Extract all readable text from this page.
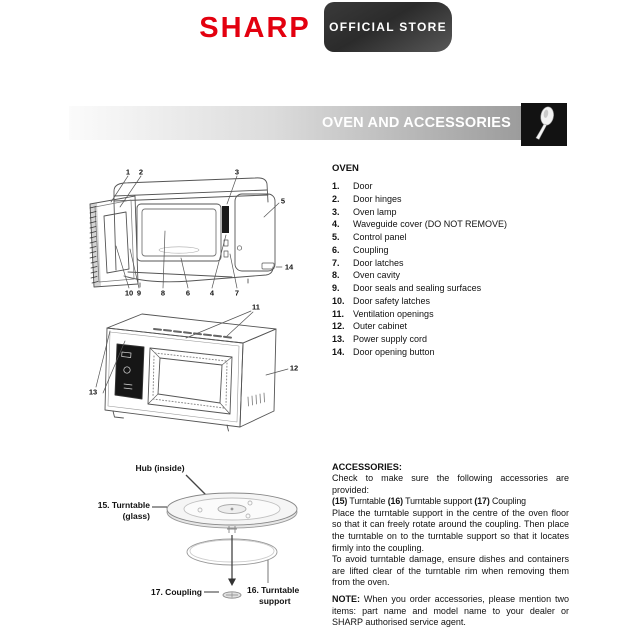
SHARP OFFICIAL STORE
OVEN AND ACCESSORIES
1 2	3
5
14
10 9	8	6	4	7
11
12
13
Hub (inside)
15. Turntable
(glass)
17. Coupling	16. Turntable
support
OVEN
1.	Door
2.	Door hinges
3.	Oven lamp
4.	Waveguide cover (DO NOT REMOVE)
5.	Control panel
6.	Coupling
7.	Door latches
8.	Oven cavity
9.	Door seals and sealing surfaces
10. Door safety latches
11. Ventilation openings
12. Outer cabinet
13. Power supply cord
14. Door opening button
ACCESSORIES:

Check to make sure the following accessories are provided:

(15) Turntable (16) Turntable support (17) Coupling

Place the turntable support in the centre of the oven floor so that it can freely rotate around the coupling. Then place the turntable on to the turntable support so that it locates firmly into the coupling.

To avoid turntable damage, ensure dishes and containers are lifted clear of the turntable rim when removing them from the oven.

NOTE: When you order accessories, please mention two items: part name and model name to your dealer or SHARP authorised service agent.
